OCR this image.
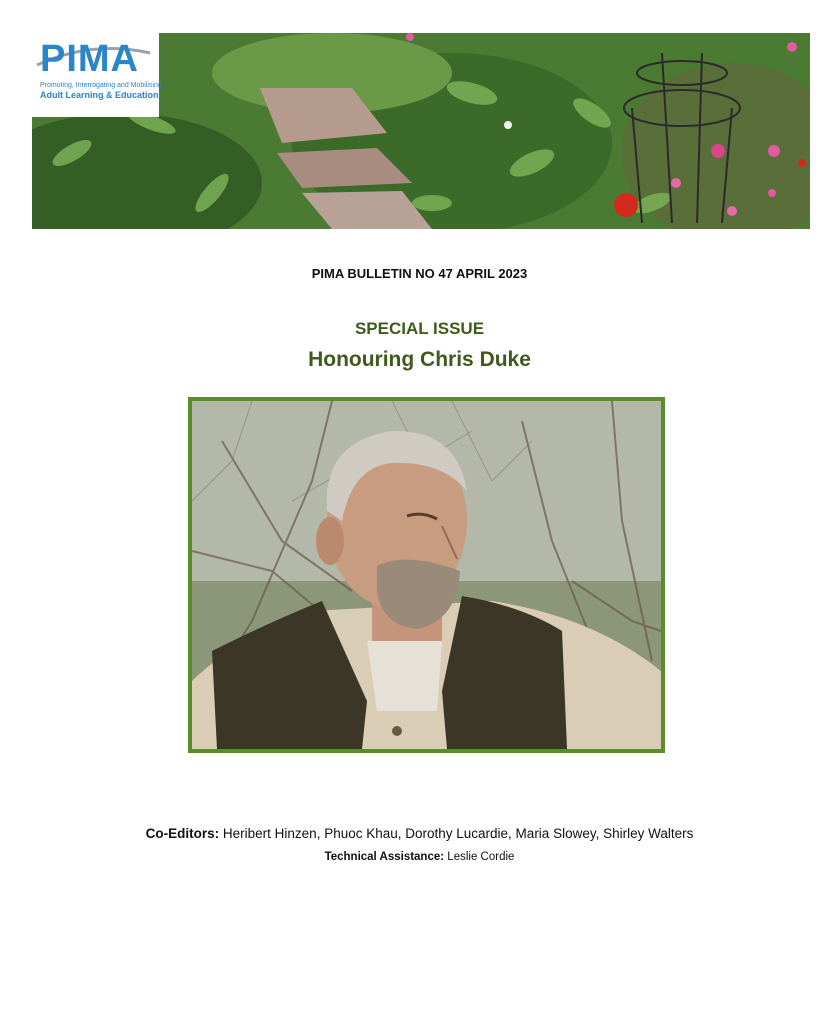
PIMA
Promoting, Interrogating and Mobilising
Adult Learning & Education
PIMA BULLETIN NO 47 APRIL 2023
SPECIAL ISSUE
Honouring Chris Duke
Co-Editors: Heribert Hinzen, Phuoc Khau, Dorothy Lucardie, Maria Slowey, Shirley Walters
Technical Assistance: Leslie Cordie
